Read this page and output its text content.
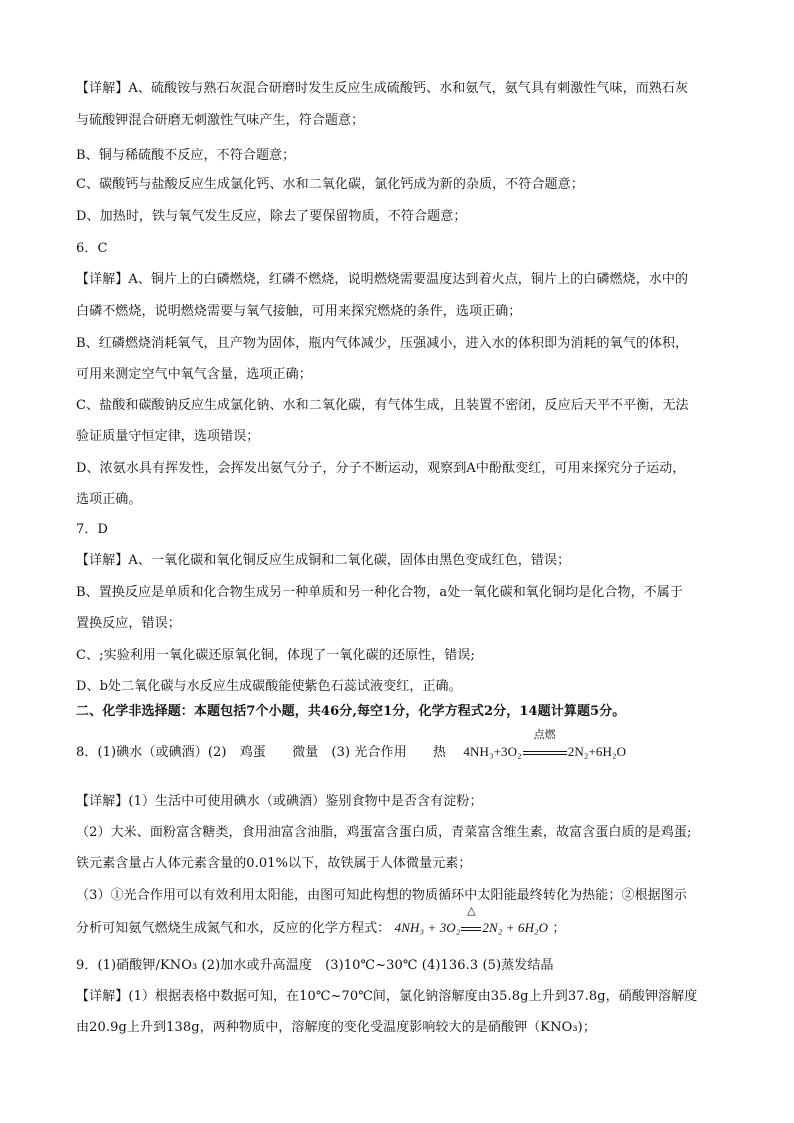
【详解】A、硫酸铵与熟石灰混合研磨时发生反应生成硫酸钙、水和氨气，氨气具有刺激性气味，而熟石灰

与硫酸钾混合研磨无刺激性气味产生，符合题意；

B、铜与稀硫酸不反应，不符合题意；

C、碳酸钙与盐酸反应生成氯化钙、水和二氧化碳，氯化钙成为新的杂质，不符合题意；

D、加热时，铁与氧气发生反应，除去了要保留物质，不符合题意；

6．C

【详解】A、铜片上的白磷燃烧，红磷不燃烧，说明燃烧需要温度达到着火点，铜片上的白磷燃烧，水中的

白磷不燃烧，说明燃烧需要与氧气接触，可用来探究燃烧的条件，选项正确；

B、红磷燃烧消耗氧气，且产物为固体，瓶内气体减少，压强减小，进入水的体积即为消耗的氧气的体积，

可用来测定空气中氧气含量，选项正确；

C、盐酸和碳酸钠反应生成氯化钠、水和二氧化碳，有气体生成，且装置不密闭，反应后天平不平衡，无法

验证质量守恒定律，选项错误；

D、浓氨水具有挥发性，会挥发出氨气分子，分子不断运动，观察到A中酚酞变红，可用来探究分子运动，

选项正确。

7．D

【详解】A、一氧化碳和氧化铜反应生成铜和二氧化碳，固体由黑色变成红色，错误；

B、置换反应是单质和化合物生成另一种单质和另一种化合物，a处一氧化碳和氧化铜均是化合物，不属于

置换反应，错误；

C、;实验利用一氧化碳还原氧化铜，体现了一氧化碳的还原性，错误;

D、b处二氧化碳与水反应生成碳酸能使紫色石蕊试液变红，正确。

二、化学非选择题：本题包括7个小题，共46分,每空1分，化学方程式2分，14题计算题5分。

8．(1)碘水（或碘酒）(2)　鸡蛋　　微量　(3) 光合作用　　热　 4NH₃+3O₂
点燃
2N₂+6H₂O

【详解】(1）生活中可使用碘水（或碘酒）鉴别食物中是否含有淀粉；

（2）大米、面粉富含糖类，食用油富含油脂，鸡蛋富含蛋白质，青菜富含维生素，故富含蛋白质的是鸡蛋;

铁元素含量占人体元素含量的0.01%以下，故铁属于人体微量元素；

（3）①光合作用可以有效利用太阳能，由图可知此构想的物质循环中太阳能最终转化为热能；②根据图示

分析可知氨气燃烧生成氮气和水，反应的化学方程式： 4NH₃ + 3O₂
△
2N₂ + 6H₂O ；

9．(1)硝酸钾/KNO₃ (2)加水或升高温度　(3)10℃~30℃ (4)136.3 (5)蒸发结晶

【详解】(1）根据表格中数据可知，在10℃~70℃间，氯化钠溶解度由35.8g上升到37.8g，硝酸钾溶解度

由20.9g上升到138g，两种物质中，溶解度的变化受温度影响较大的是硝酸钾（KNO₃)；
